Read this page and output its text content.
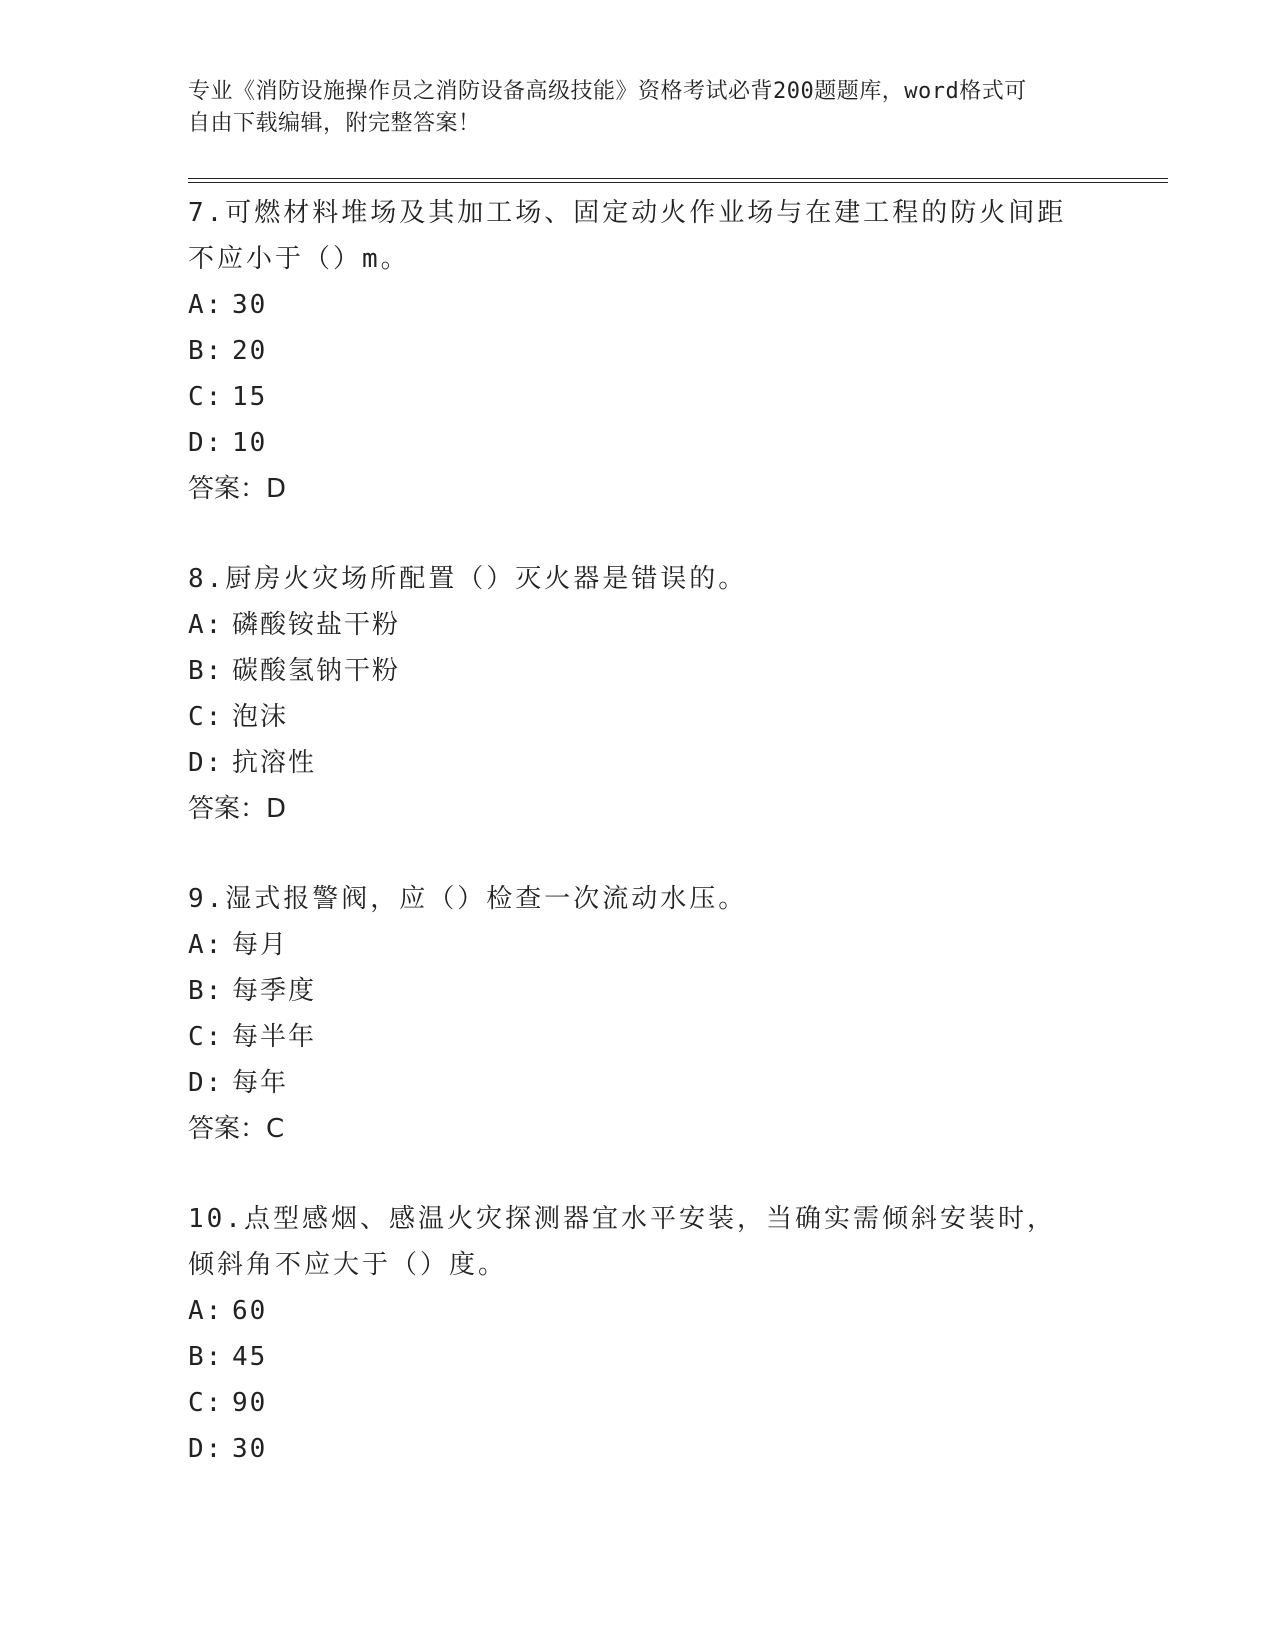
专业《消防设施操作员之消防设备高级技能》资格考试必背200题题库，word格式可自由下载编辑，附完整答案！
7.可燃材料堆场及其加工场、固定动火作业场与在建工程的防火间距不应小于（）m。
A: 30
B: 20
C: 15
D: 10
答案：D
8.厨房火灾场所配置（）灭火器是错误的。
A: 磷酸铵盐干粉
B: 碳酸氢钠干粉
C: 泡沫
D: 抗溶性
答案：D
9.湿式报警阀，应（）检查一次流动水压。
A: 每月
B: 每季度
C: 每半年
D: 每年
答案：C
10.点型感烟、感温火灾探测器宜水平安装，当确实需倾斜安装时，倾斜角不应大于（）度。
A: 60
B: 45
C: 90
D: 30
